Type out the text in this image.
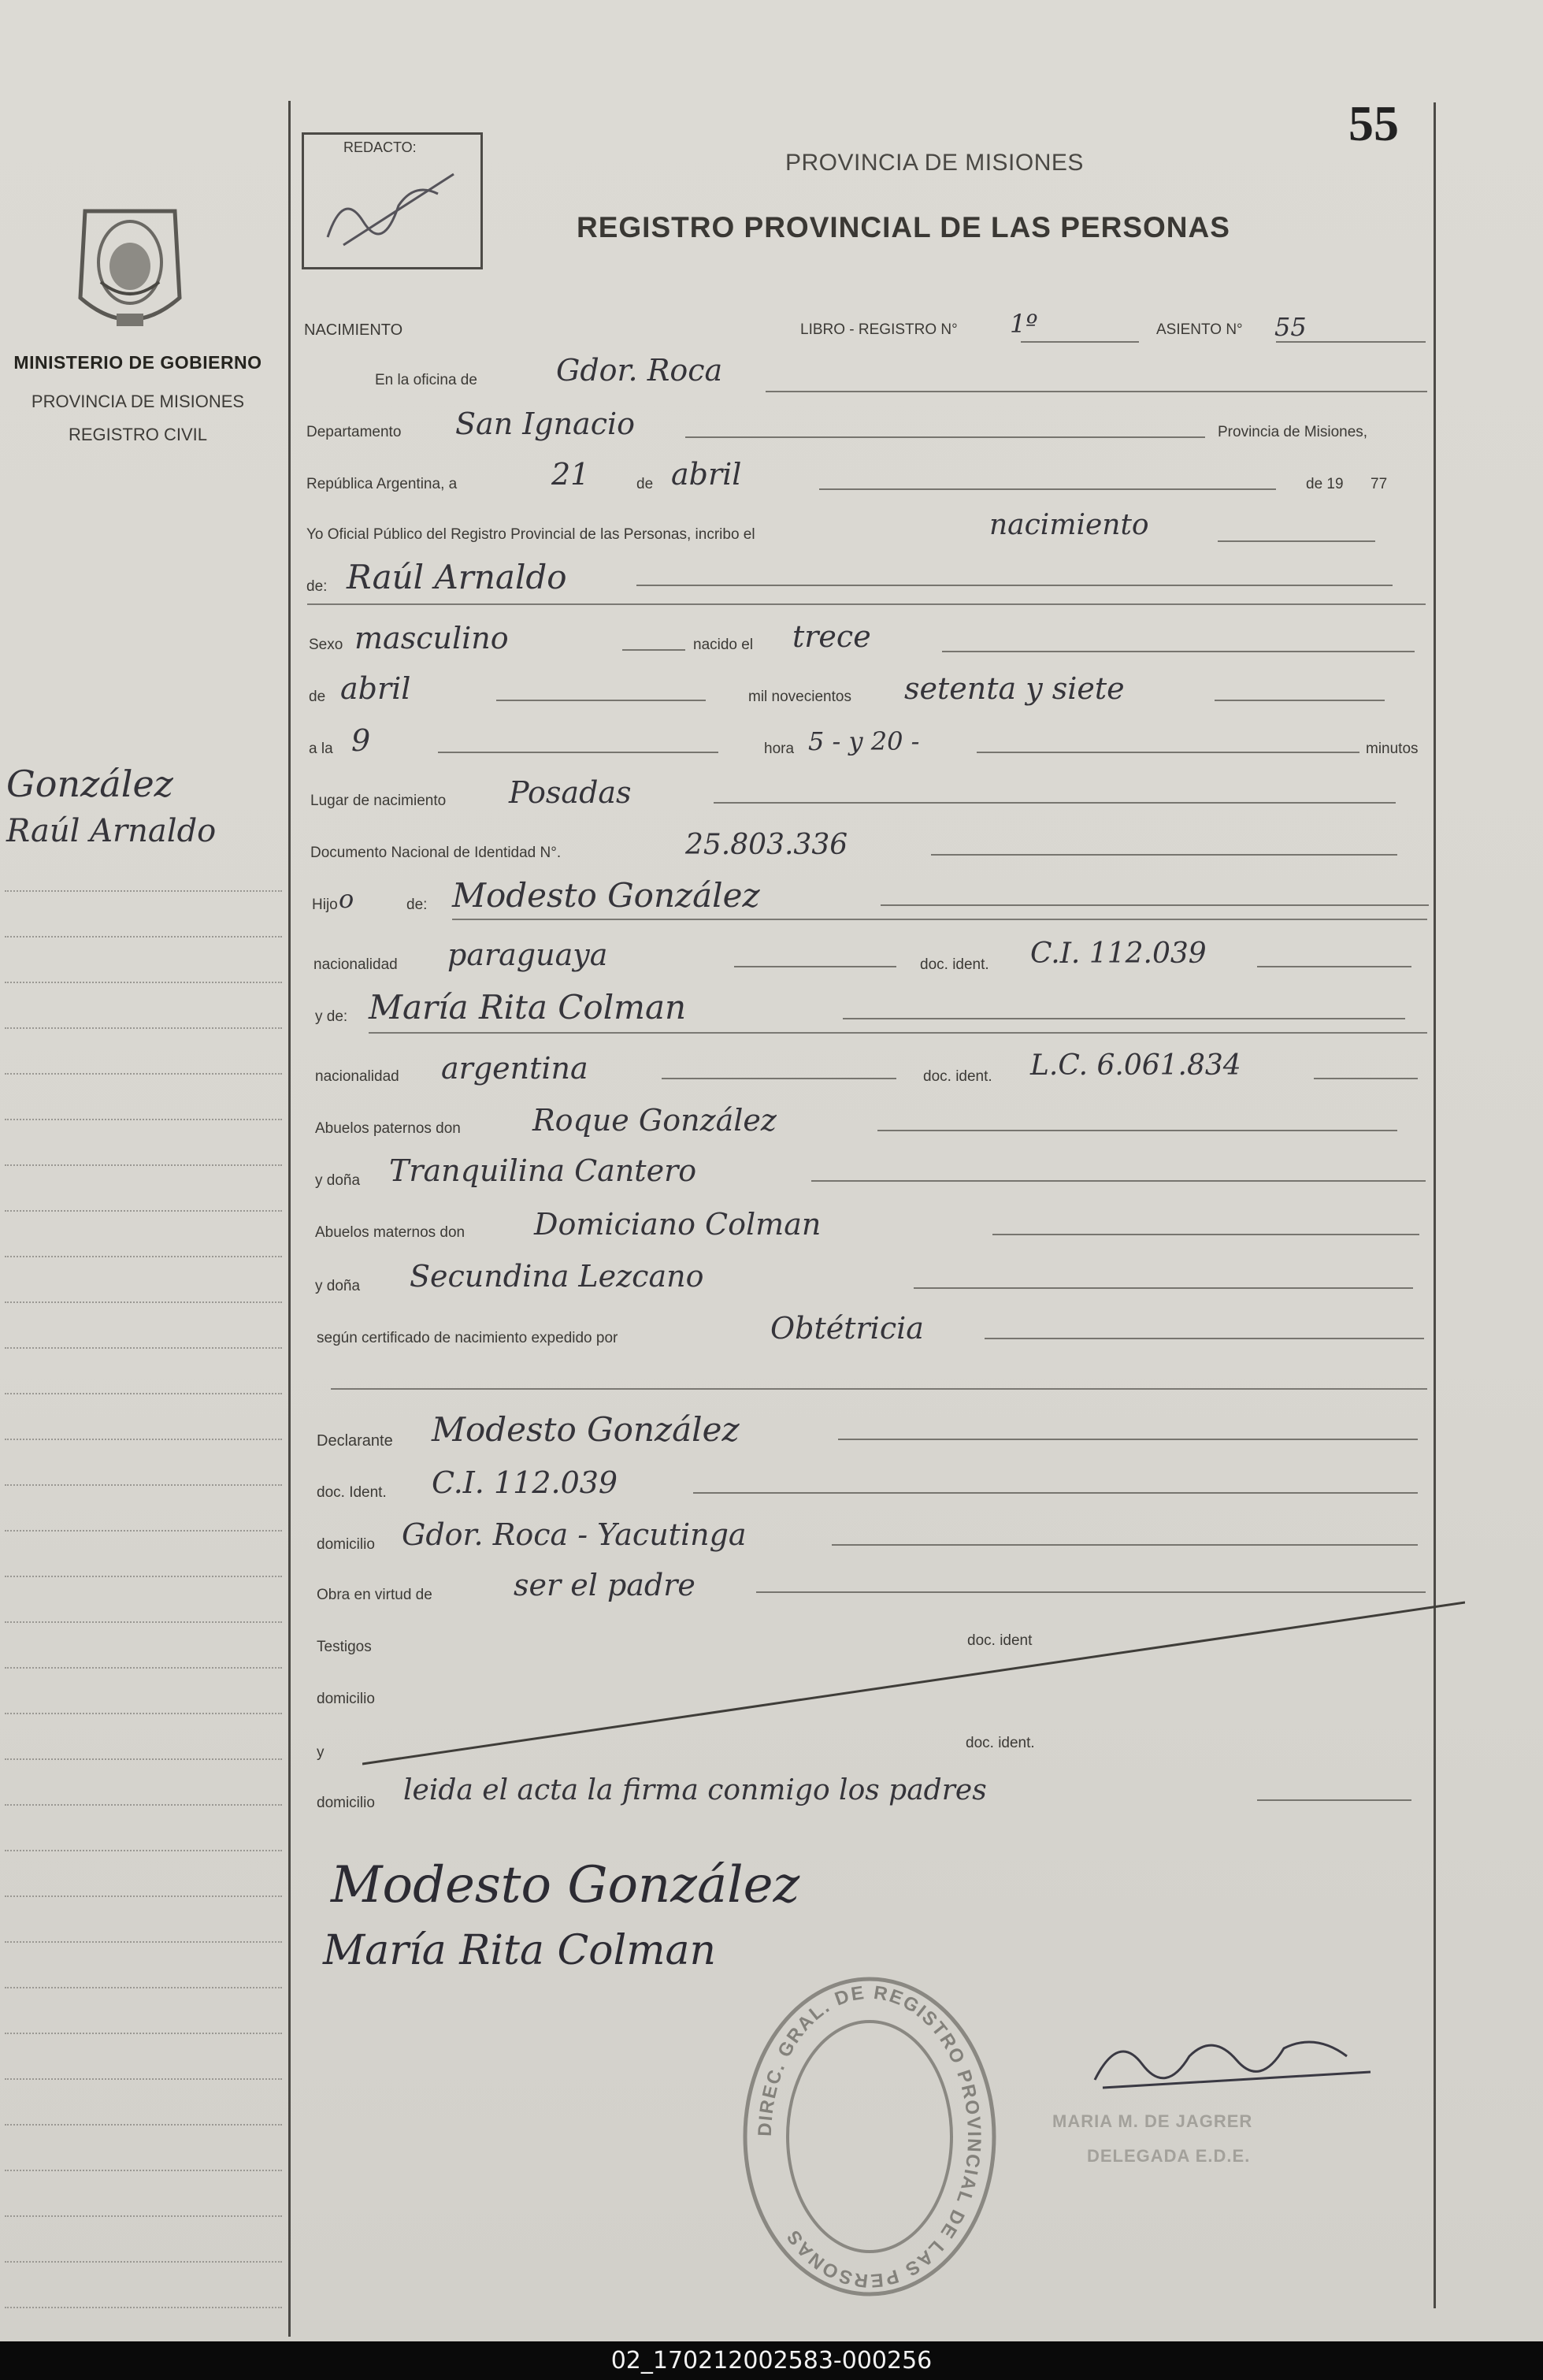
MINISTERIO DE GOBIERNO
PROVINCIA DE MISIONES
REGISTRO CIVIL
González
Raúl Arnaldo
REDACTO:	55
PROVINCIA DE MISIONES
REGISTRO PROVINCIAL DE LAS PERSONAS
NACIMIENTO	LIBRO - REGISTRO N° 1º	ASIENTO N° 55
En la oficina de	Gdor. Roca
Departamento San Ignacio	Provincia de Misiones,
República Argentina, a	21	de abril	de 19 77
Yo Oficial Público del Registro Provincial de las Personas, incribo el	nacimiento
de: Raúl Arnaldo
Sexo masculino	nacido el trece
de abril	mil novecientos setenta y siete
a la 9	hora 5 - y 20 -	minutos
Lugar de nacimiento Posadas
Documento Nacional de Identidad N°.	25.803.336
Hijo o	de: Modesto González
nacionalidad paraguaya	doc. ident. C.I. 112.039
y de: María Rita Colman
nacionalidad argentina	doc. ident. L.C. 6.061.834
Abuelos paternos don Roque González
y doña Tranquilina Cantero
Abuelos maternos don Domiciano Colman
y doña Secundina Lezcano
según certificado de nacimiento expedido por	Obtétricia
Declarante Modesto González
doc. Ident. C.I. 112.039
domicilio Gdor. Roca - Yacutinga
Obra en virtud de	ser el padre
Testigos	doc. ident
domicilio
y
doc. ident.
domicilio leida el acta la firma conmigo los padres
Modesto González
María Rita Colman
DIREC. GRAL. DE REGISTRO PROVINCIAL DE LAS PERSONAS
MARIA M. DE JAGRER
DELEGADA E.D.E.
02_170212002583-000256
